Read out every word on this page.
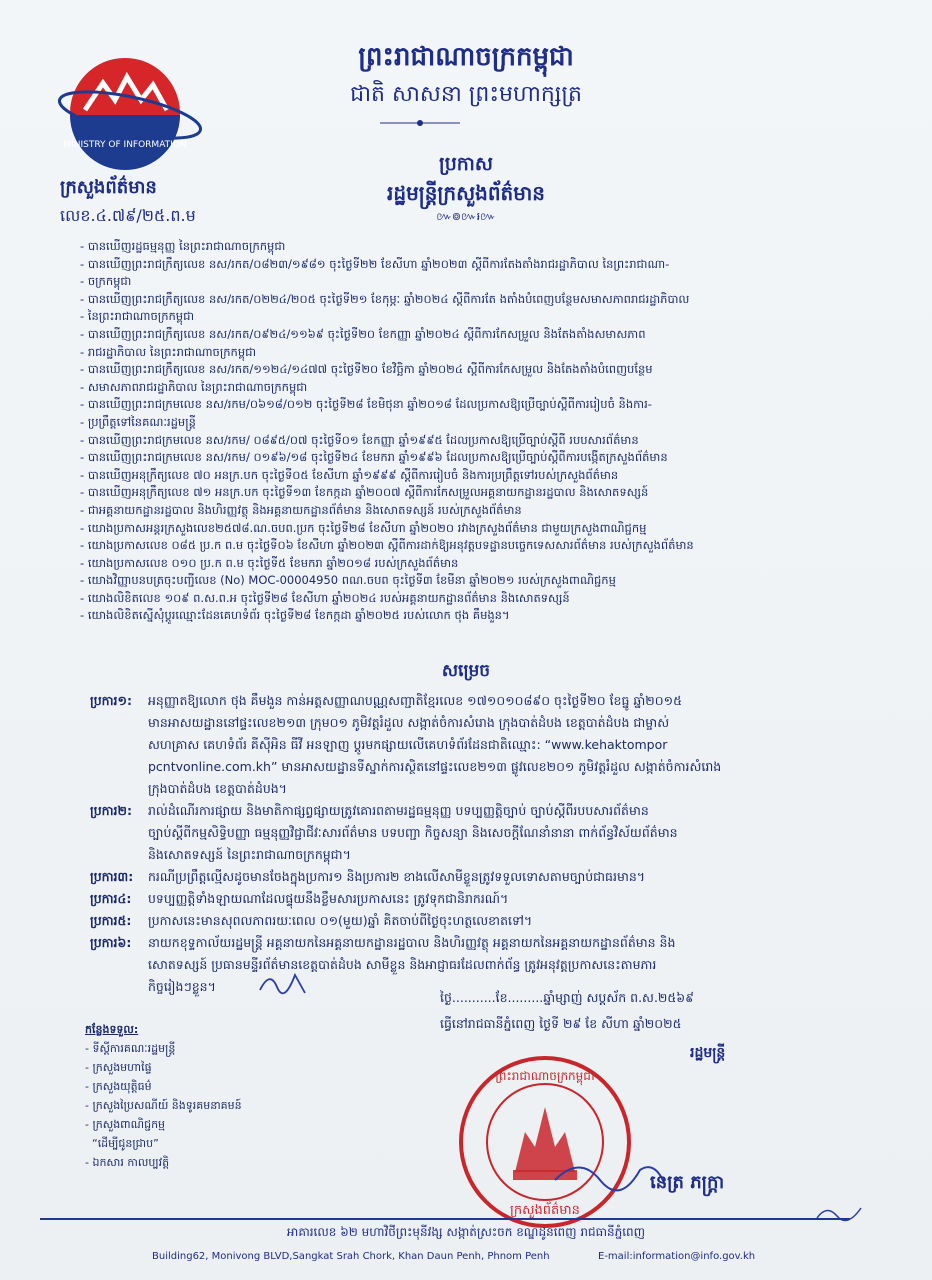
ព្រះរាជាណាចក្រកម្ពុជា
ជាតិ សាសនា ព្រះមហាក្សត្រ
MINISTRY OF INFORMATION
ក្រសួងព័ត៌មាន
លេខ.៤.៧៩/២៥.ព.ម
ប្រកាស
រដ្ឋមន្ត្រីក្រសួងព័ត៌មាន
៚៙៚៛៚
- បានឃើញរដ្ឋធម្មនុញ្ញ នៃព្រះរាជាណាចក្រកម្ពុជា
- បានឃើញព្រះរាជក្រឹត្យលេខ នស/រកត/០៨២៣/១៩៨១ ចុះថ្ងៃទី២២ ខែសីហា ឆ្នាំ២០២៣ ស្តីពីការតែងតាំងរាជរដ្ឋាភិបាល នៃព្រះរាជាណា-
- ចក្រកម្ពុជា
- បានឃើញព្រះរាជក្រឹត្យលេខ នស/រកត/០២២៤/២០៥ ចុះថ្ងៃទី២១ ខែកុម្ភៈ ឆ្នាំ២០២៤ ស្តីពីការតែ ងតាំងបំពេញបន្ថែមសមាសភាពរាជរដ្ឋាភិបាល
- នៃព្រះរាជាណាចក្រកម្ពុជា
- បានឃើញព្រះរាជក្រឹត្យលេខ នស/រកត/០៩២៤/១១៦៩ ចុះថ្ងៃទី២០ ខែកញ្ញា ឆ្នាំ២០២៤ ស្តីពីការកែសម្រួល និងតែងតាំងសមាសភាព
- រាជរដ្ឋាភិបាល នៃព្រះរាជាណាចក្រកម្ពុជា
- បានឃើញព្រះរាជក្រឹត្យលេខ នស/រកត/១១២៤/១៤៧៧ ចុះថ្ងៃទី២០ ខែវិច្ឆិកា ឆ្នាំ២០២៤ ស្តីពីការកែសម្រួល និងតែងតាំងបំពេញបន្ថែម
- សមាសភាពរាជរដ្ឋាភិបាល នៃព្រះរាជាណាចក្រកម្ពុជា
- បានឃើញព្រះរាជក្រមលេខ នស/រកម/០៦១៨/០១២ ចុះថ្ងៃទី២៨ ខែមិថុនា ឆ្នាំ២០១៨ ដែលប្រកាសឱ្យប្រើច្បាប់ស្តីពីការរៀបចំ និងការ-
- ប្រព្រឹត្តទៅនៃគណៈរដ្ឋមន្ត្រី
- បានឃើញព្រះរាជក្រមលេខ នស/រកម/ ០៨៩៥/០៧ ចុះថ្ងៃទី០១ ខែកញ្ញា ឆ្នាំ១៩៩៥ ដែលប្រកាសឱ្យប្រើច្បាប់ស្តីពី របបសារព័ត៌មាន
- បានឃើញព្រះរាជក្រមលេខ នស/រកម/ ០១៩៦/១៨ ចុះថ្ងៃទី២៤ ខែមករា ឆ្នាំ១៩៩៦ ដែលប្រកាសឱ្យប្រើច្បាប់ស្តីពីការបង្កើតក្រសួងព័ត៌មាន
- បានឃើញអនុក្រឹត្យលេខ ៧០ អនក្រ.បក ចុះថ្ងៃទី០៥ ខែសីហា ឆ្នាំ១៩៩៩ ស្តីពីការរៀបចំ និងការប្រព្រឹត្តទៅរបស់ក្រសួងព័ត៌មាន
- បានឃើញអនុក្រឹត្យលេខ ៧១ អនក្រ.បក ចុះថ្ងៃទី១៣ ខែកក្កដា ឆ្នាំ២០០៧ ស្តីពីការកែសម្រួលអគ្គនាយកដ្ឋានរដ្ឋបាល និងសោតទស្សន៍
- ជាអគ្គនាយកដ្ឋានរដ្ឋបាល និងហិរញ្ញវត្ថុ និងអគ្គនាយកដ្ឋានព័ត៌មាន និងសោតទស្សន៍ របស់ក្រសួងព័ត៌មាន
- យោងប្រកាសអន្តរក្រសួងលេខ២៥៧៨.ណ.ចបព.ប្រក ចុះថ្ងៃទី២៨ ខែសីហា ឆ្នាំ២០២០ រវាងក្រសួងព័ត៌មាន ជាមួយក្រសួងពាណិជ្ជកម្ម
- យោងប្រកាសលេខ ០៨៥ ប្រ.ក ព.ម ចុះថ្ងៃទី០៦ ខែសីហា ឆ្នាំ២០២៣ ស្តីពីការដាក់ឱ្យអនុវត្តបទដ្ឋានបច្ចេកទេសសារព័ត៌មាន របស់ក្រសួងព័ត៌មាន
- យោងប្រកាសលេខ ០១០ ប្រ.ក ព.ម ចុះថ្ងៃទី៥ ខែមករា ឆ្នាំ២០១៨ របស់ក្រសួងព័ត៌មាន
- យោងវិញ្ញាបនបត្រចុះបញ្ជីលេខ (No) MOC-00004950 ពណ.ចបព ចុះថ្ងៃទី៣ ខែមីនា ឆ្នាំ២០២១ របស់ក្រសួងពាណិជ្ជកម្ម
- យោងលិខិតលេខ ១០៩ ព.ស.ព.អ ចុះថ្ងៃទី២៨ ខែសីហា ឆ្នាំ២០២៤ របស់អគ្គនាយកដ្ឋានព័ត៌មាន និងសោតទស្សន៍
- យោងលិខិតស្នើសុំប្តូរឈ្មោះដែនគេហទំព័រ ចុះថ្ងៃទី២៨ ខែកក្កដា ឆ្នាំ២០២៥ របស់លោក ថុង គឹមងួន។
សម្រេច
ប្រការ១:	អនុញ្ញាតឱ្យលោក ថុង គឹមងួន កាន់អត្តសញ្ញាណបណ្ណសញ្ជាតិខ្មែរលេខ ១៧១០១០៨៩០ ចុះថ្ងៃទី២០ ខែធ្នូ ឆ្នាំ២០១៥
មានអាសយដ្ឋាននៅផ្ទះលេខ២១៣ ក្រុម០១ ភូមិវត្តរំដួល សង្កាត់ចំការសំរោង ក្រុងបាត់ដំបង ខេត្តបាត់ដំបង ជាម្ចាស់
សហគ្រាស គេហទំព័រ គីស៊ីអិន ធីវី អនឡាញ ប្តូរមកផ្សាយលើគេហទំព័រដែនជាតិឈ្មោះ: “www.kehaktompor
pcntvonline.com.kh” មានអាសយដ្ឋានទីស្នាក់ការស្ថិតនៅផ្ទះលេខ២១៣ ផ្លូវលេខ២០១ ភូមិវត្តរំដួល សង្កាត់ចំការសំរោង
ក្រុងបាត់ដំបង ខេត្តបាត់ដំបង។
ប្រការ២:	រាល់ដំណើរការផ្សាយ និងមាតិកាផ្សព្វផ្សាយត្រូវគោរពតាមរដ្ឋធម្មនុញ្ញ បទប្បញ្ញត្តិច្បាប់ ច្បាប់ស្តីពីរបបសារព័ត៌មាន
ច្បាប់ស្តីពីកម្មសិទ្ធិបញ្ញា ធម្មនុញ្ញវិជ្ជាជីវៈសារព័ត៌មាន បទបញ្ជា កិច្ចសន្យា និងសេចក្តីណែនាំនានា ពាក់ព័ន្ធវិស័យព័ត៌មាន
និងសោតទស្សន៍ នៃព្រះរាជាណាចក្រកម្ពុជា។
ប្រការ៣:	ករណីប្រព្រឹត្តល្មើសដូចមានចែងក្នុងប្រការ១ និងប្រការ២ ខាងលើសាមីខ្លួនត្រូវទទួលទោសតាមច្បាប់ជាធរមាន។
ប្រការ៤:	បទប្បញ្ញត្តិទាំងឡាយណាដែលផ្ទុយនឹងខ្លឹមសារប្រកាសនេះ ត្រូវទុកជានិរាករណ៍។
ប្រការ៥:	ប្រកាសនេះមានសុពលភាពរយៈពេល ០១(មួយ)ឆ្នាំ គិតចាប់ពីថ្ងៃចុះហត្ថលេខាតទៅ។
ប្រការ៦:	នាយកខុទ្ទកាល័យរដ្ឋមន្ត្រី អគ្គនាយកនៃអគ្គនាយកដ្ឋានរដ្ឋបាល និងហិរញ្ញវត្ថុ អគ្គនាយកនៃអគ្គនាយកដ្ឋានព័ត៌មាន និង
សោតទស្សន៍ ប្រធានមន្ទីរព័ត៌មានខេត្តបាត់ដំបង សាមីខ្លួន និងអាជ្ញាធរដែលពាក់ព័ន្ធ ត្រូវអនុវត្តប្រកាសនេះតាមភារ
កិច្ចរៀងៗខ្លួន។
ថ្ងៃ...........ខែ.........ឆ្នាំម្សាញ់ សប្តស័ក ព.ស.២៥៦៩
ធ្វើនៅរាជធានីភ្នំពេញ ថ្ងៃទី ២៩ ខែ សីហា ឆ្នាំ២០២៥
កន្លែងទទួល:
- ទីស្តីការគណៈរដ្ឋមន្ត្រី
- ក្រសួងមហាផ្ទៃ
- ក្រសួងយុត្តិធម៌
- ក្រសួងប្រៃសណីយ៍ និងទូរគមនាគមន៍
- ក្រសួងពាណិជ្ជកម្ម
“ដើម្បីជូនជ្រាប”
- ឯកសារ កាលប្បវត្តិ
ព្រះរាជាណាចក្រកម្ពុជា
ក្រសួងព័ត៌មាន
រដ្ឋមន្ត្រី
នេត្រ ភក្ត្រា
អាគារលេខ ៦២ មហាវិថីព្រះមុនីវង្ស សង្កាត់ស្រះចក ខណ្ឌដូនពេញ រាជធានីភ្នំពេញ
Building62, Monivong BLVD,Sangkat Srah Chork, Khan Daun Penh, Phnom Penh	E-mail:information@info.gov.kh
